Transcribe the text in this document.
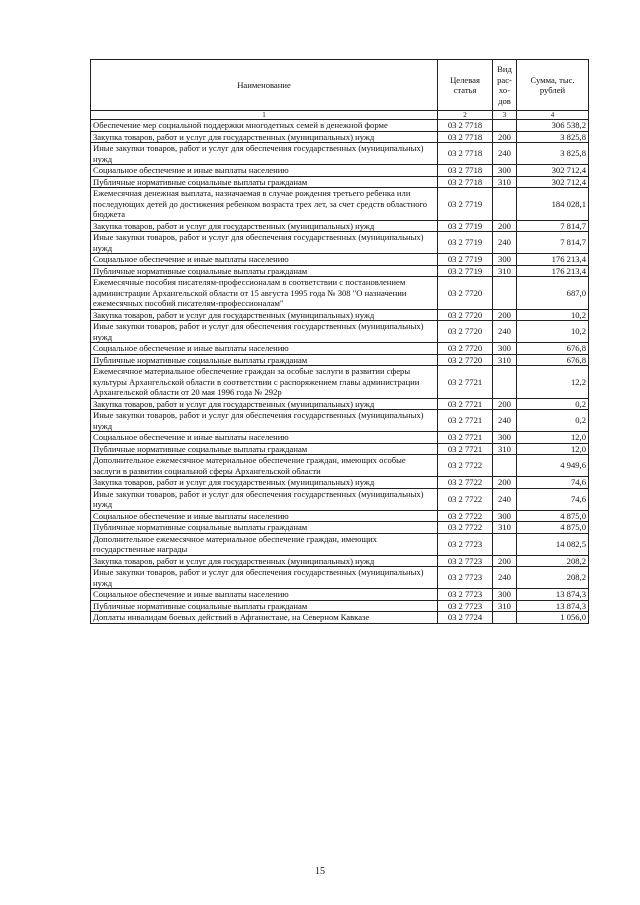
Наименование	Целевая статья	Вид рас-хо-дов	Сумма, тыс. рублей
1	2	3	4
Обеспечение мер социальной поддержки многодетных семей в денежной форме	03 2 7718		306 538,2
Закупка товаров, работ и услуг для государственных (муниципальных) нужд	03 2 7718	200	3 825,8
Иные закупки товаров, работ и услуг для обеспечения государственных (муниципальных) нужд	03 2 7718	240	3 825,8
Социальное обеспечение и иные выплаты населению	03 2 7718	300	302 712,4
Публичные нормативные социальные выплаты гражданам	03 2 7718	310	302 712,4
Ежемесячная денежная выплата, назначаемая в случае рождения третьего ребенка или последующих детей до достижения ребенком возраста трех лет, за счет средств областного бюджета	03 2 7719		184 028,1
Закупка товаров, работ и услуг для государственных (муниципальных) нужд	03 2 7719	200	7 814,7
Иные закупки товаров, работ и услуг для обеспечения государственных (муниципальных) нужд	03 2 7719	240	7 814,7
Социальное обеспечение и иные выплаты населению	03 2 7719	300	176 213,4
Публичные нормативные социальные выплаты гражданам	03 2 7719	310	176 213,4
Ежемесячные пособия писателям-профессионалам в соответствии с постановлением администрации Архангельской области от 15 августа 1995 года № 308 "О назначении ежемесячных пособий писателям-профессионалам"	03 2 7720		687,0
Закупка товаров, работ и услуг для государственных (муниципальных) нужд	03 2 7720	200	10,2
Иные закупки товаров, работ и услуг для обеспечения государственных (муниципальных) нужд	03 2 7720	240	10,2
Социальное обеспечение и иные выплаты населению	03 2 7720	300	676,8
Публичные нормативные социальные выплаты гражданам	03 2 7720	310	676,8
Ежемесячное материальное обеспечение граждан за особые заслуги в развитии сферы культуры Архангельской области в соответствии с распоряжением главы администрации Архангельской области от 20 мая 1996 года № 292р	03 2 7721		12,2
Закупка товаров, работ и услуг для государственных (муниципальных) нужд	03 2 7721	200	0,2
Иные закупки товаров, работ и услуг для обеспечения государственных (муниципальных) нужд	03 2 7721	240	0,2
Социальное обеспечение и иные выплаты населению	03 2 7721	300	12,0
Публичные нормативные социальные выплаты гражданам	03 2 7721	310	12,0
Дополнительное ежемесячное материальное обеспечение граждан, имеющих особые заслуги в развитии социальной сферы Архангельской области	03 2 7722		4 949,6
Закупка товаров, работ и услуг для государственных (муниципальных) нужд	03 2 7722	200	74,6
Иные закупки товаров, работ и услуг для обеспечения государственных (муниципальных) нужд	03 2 7722	240	74,6
Социальное обеспечение и иные выплаты населению	03 2 7722	300	4 875,0
Публичные нормативные социальные выплаты гражданам	03 2 7722	310	4 875,0
Дополнительное ежемесячное материальное обеспечение граждан, имеющих государственные награды	03 2 7723		14 082,5
Закупка товаров, работ и услуг для государственных (муниципальных) нужд	03 2 7723	200	208,2
Иные закупки товаров, работ и услуг для обеспечения государственных (муниципальных) нужд	03 2 7723	240	208,2
Социальное обеспечение и иные выплаты населению	03 2 7723	300	13 874,3
Публичные нормативные социальные выплаты гражданам	03 2 7723	310	13 874,3
Доплаты инвалидам боевых действий в Афганистане, на Северном Кавказе	03 2 7724		1 056,0
15
